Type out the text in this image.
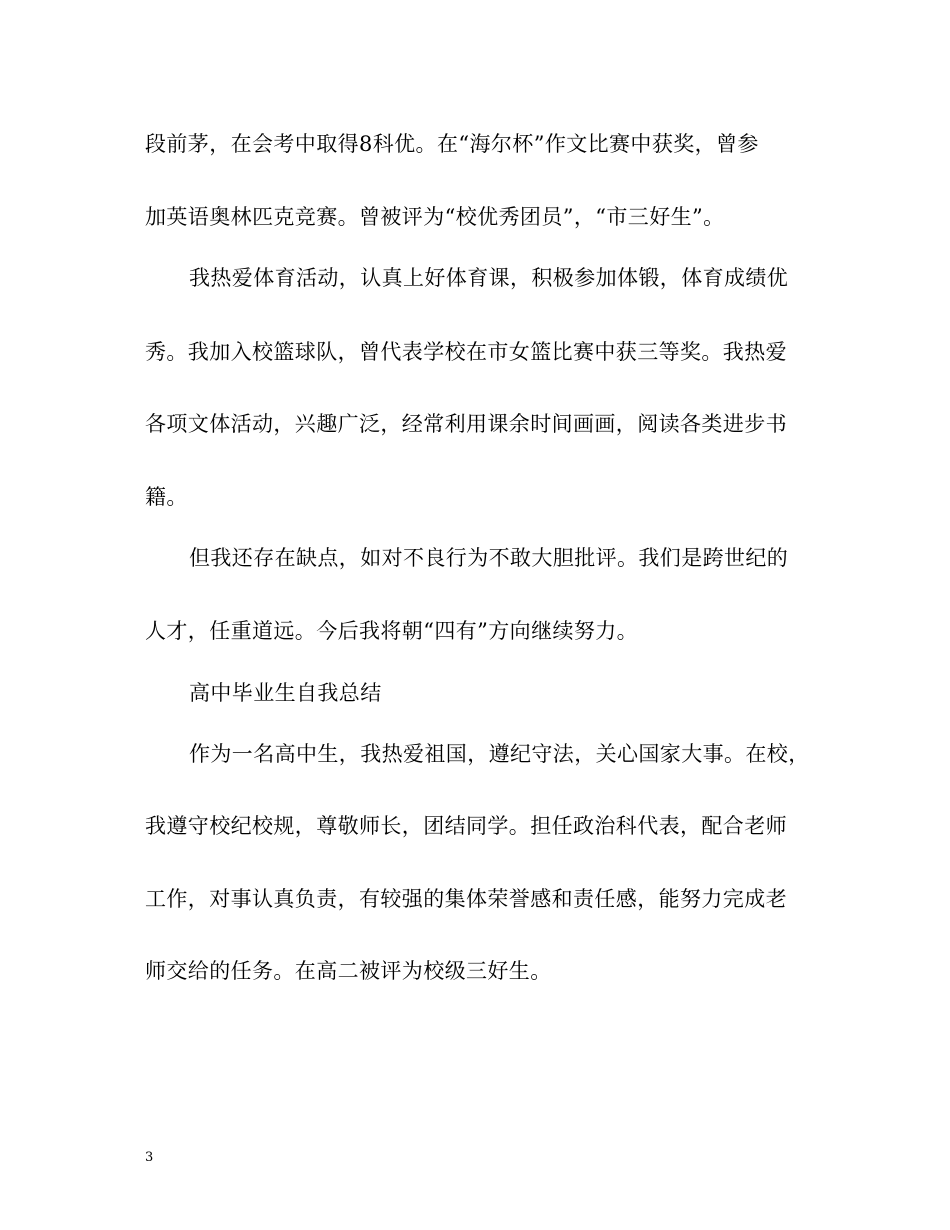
段前茅，在会考中取得8科优。在“海尔杯”作文比赛中获奖，曾参
加英语奥林匹克竞赛。曾被评为“校优秀团员”，“市三好生”。
我热爱体育活动，认真上好体育课，积极参加体锻，体育成绩优
秀。我加入校篮球队，曾代表学校在市女篮比赛中获三等奖。我热爱
各项文体活动，兴趣广泛，经常利用课余时间画画，阅读各类进步书
籍。
但我还存在缺点，如对不良行为不敢大胆批评。我们是跨世纪的
人才，任重道远。今后我将朝“四有”方向继续努力。
高中毕业生自我总结
作为一名高中生，我热爱祖国，遵纪守法，关心国家大事。在校，
我遵守校纪校规，尊敬师长，团结同学。担任政治科代表，配合老师
工作，对事认真负责，有较强的集体荣誉感和责任感，能努力完成老
师交给的任务。在高二被评为校级三好生。
3
